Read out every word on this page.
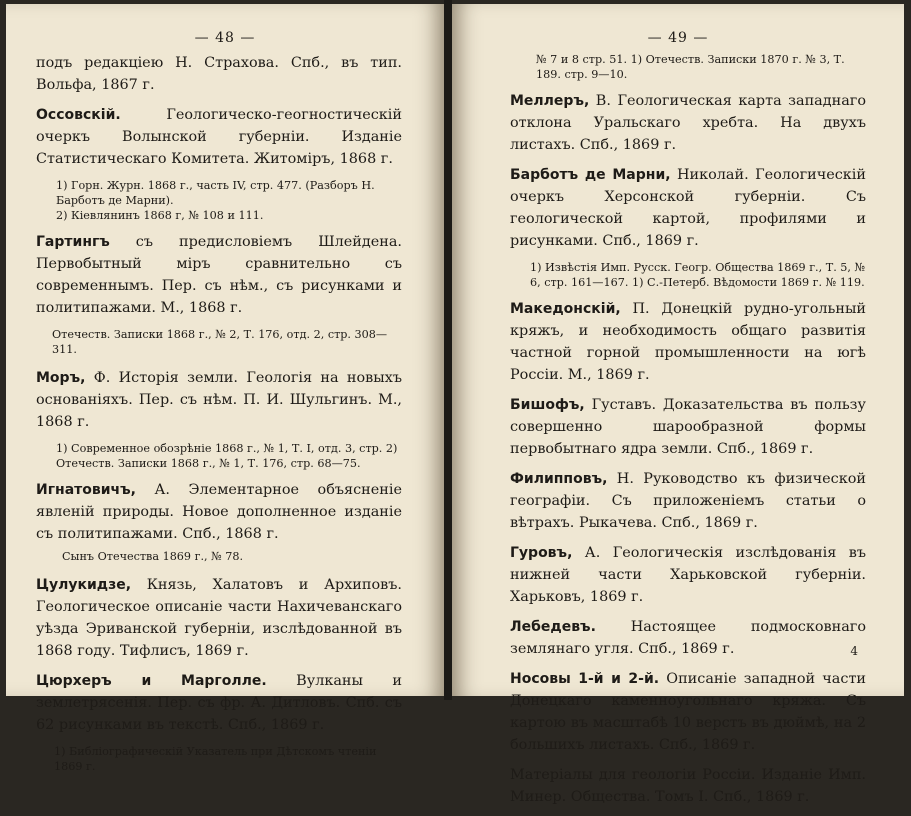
— 48 —

подъ редакціею Н. Страхова. Спб., въ тип. Вольфа, 1867 г.

Оссовскій. Геологическо-геогностическій очеркъ Волынской губерніи. Изданіе Статистическаго Комитета. Житоміръ, 1868 г.

1) Горн. Журн. 1868 г., часть IV, стр. 477. (Разборъ Н. Барботъ де Марни).
2) Кіевлянинъ 1868 г, № 108 и 111.

Гартингъ съ предисловіемъ Шлейдена. Первобытный міръ сравнительно съ современнымъ. Пер. съ нѣм., съ рисунками и политипажами. М., 1868 г.

Отечеств. Записки 1868 г., № 2, Т. 176, отд. 2, стр. 308—311.

Моръ, Ф. Исторія земли. Геологія на новыхъ основаніяхъ. Пер. съ нѣм. П. И. Шульгинъ. М., 1868 г.

1) Современное обозрѣніе 1868 г., № 1, Т. I, отд. 3, стр. 2) Отечеств. Записки 1868 г., № 1, Т. 176, стр. 68—75.

Игнатовичъ, А. Элементарное объясненіе явленій природы. Новое дополненное изданіе съ политипажами. Спб., 1868 г.

Сынъ Отечества 1869 г., № 78.

Цулукидзе, Князь, Халатовъ и Архиповъ. Геологическое описаніе части Нахичеванскаго уѣзда Эриванской губерніи, изслѣдованной въ 1868 году. Тифлисъ, 1869 г.

Цюрхеръ и Марголле. Вулканы и землетрясенія. Пер. съ фр. А. Дитловъ. Спб. съ 62 рисунками въ текстѣ. Спб., 1869 г.

1) Библіографическій Указатель при Дѣтскомъ чтеніи 1869 г.
— 49 —
№ 7 и 8 стр. 51. 1) Отечеств. Записки 1870 г. № 3, Т. 189. стр. 9—10.

Меллеръ, В. Геологическая карта западнаго отклона Уральскаго хребта. На двухъ листахъ. Спб., 1869 г.

Барботъ де Марни, Николай. Геологическій очеркъ Херсонской губерніи. Съ геологической картой, профилями и рисунками. Спб., 1869 г.

1) Извѣстія Имп. Русск. Геогр. Общества 1869 г., Т. 5, № 6, стр. 161—167. 1) С.-Петерб. Вѣдомости 1869 г. № 119.

Македонскій, П. Донецкій рудно-угольный кряжъ, и необходимость общаго развитія частной горной промышленности на югѣ Россіи. М., 1869 г.

Бишофъ, Густавъ. Доказательства въ пользу совершенно шарообразной формы первобытнаго ядра земли. Спб., 1869 г.

Филипповъ, Н. Руководство къ физической географіи. Съ приложеніемъ статьи о вѣтрахъ. Рыкачева. Спб., 1869 г.

Гуровъ, А. Геологическія изслѣдованія въ нижней части Харьковской губерніи. Харьковъ, 1869 г.

Лебедевъ. Настоящее подмосковнаго землянаго угля. Спб., 1869 г.

Носовы 1-й и 2-й. Описаніе западной части Донецкаго каменноугольнаго кряжа. Съ картою въ масштабѣ 10 верстъ въ дюймѣ, на 2 большихъ листахъ. Спб., 1869 г.

Матеріалы для геологіи Россіи. Изданіе Имп. Минер. Общества. Томъ I. Спб., 1869 г.

4
